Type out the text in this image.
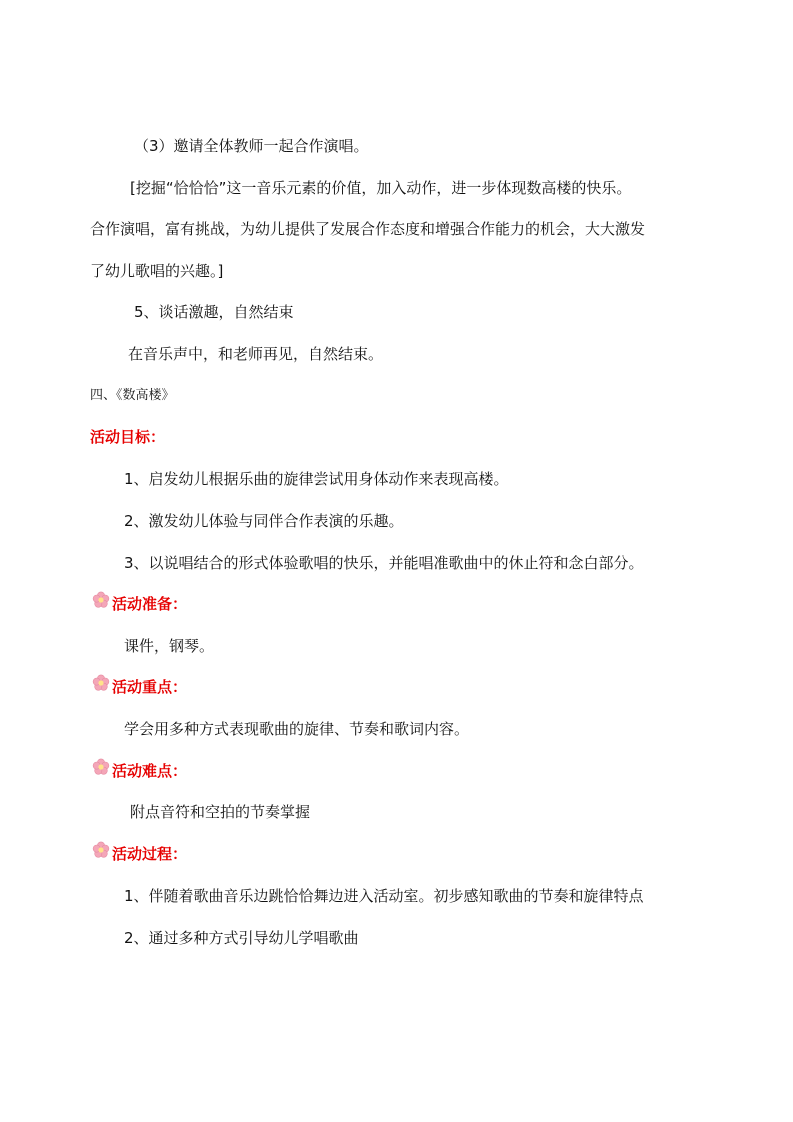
（3）邀请全体教师一起合作演唱。
[挖掘“恰恰恰”这一音乐元素的价值，加入动作，进一步体现数高楼的快乐。
合作演唱，富有挑战，为幼儿提供了发展合作态度和增强合作能力的机会，大大激发
了幼儿歌唱的兴趣。]
5、谈话激趣，自然结束
在音乐声中，和老师再见，自然结束。
四、《数高楼》
活动目标：
1、启发幼儿根据乐曲的旋律尝试用身体动作来表现高楼。
2、激发幼儿体验与同伴合作表演的乐趣。
3、以说唱结合的形式体验歌唱的快乐，并能唱准歌曲中的休止符和念白部分。
活动准备：
课件，钢琴。
活动重点：
学会用多种方式表现歌曲的旋律、节奏和歌词内容。
活动难点：
附点音符和空拍的节奏掌握
活动过程：
1、伴随着歌曲音乐边跳恰恰舞边进入活动室。初步感知歌曲的节奏和旋律特点
2、通过多种方式引导幼儿学唱歌曲
